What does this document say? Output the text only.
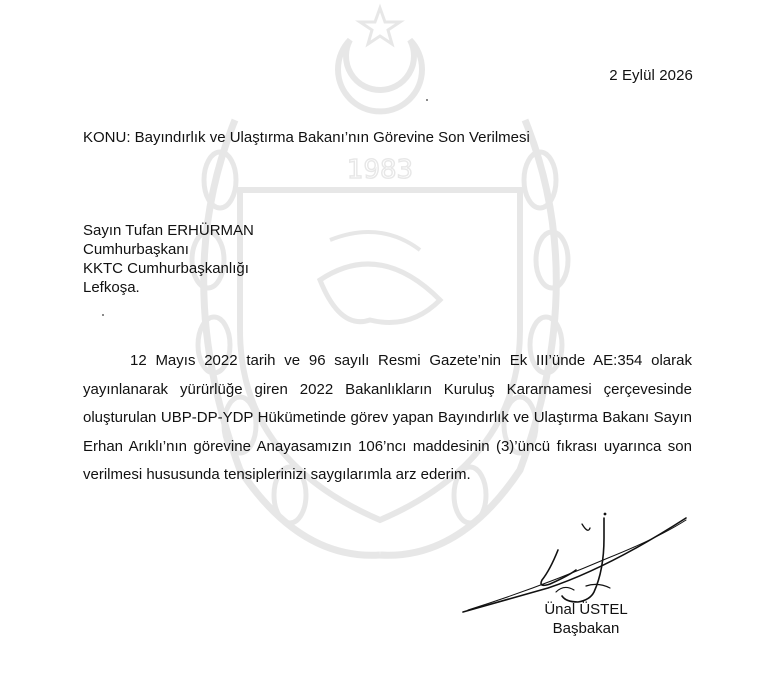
1983
2 Eylül 2026
KONU: Bayındırlık ve Ulaştırma Bakanı’nın Görevine Son Verilmesi
Sayın Tufan ERHÜRMAN
Cumhurbaşkanı
KKTC Cumhurbaşkanlığı
Lefkoşa.

12 Mayıs 2022 tarih ve 96 sayılı Resmi Gazete’nin Ek III’ünde AE:354 olarak yayınlanarak yürürlüğe giren 2022 Bakanlıkların Kuruluş Kararnamesi çerçevesinde oluşturulan UBP-DP-YDP Hükümetinde görev yapan Bayındırlık ve Ulaştırma Bakanı Sayın Erhan Arıklı’nın görevine Anayasamızın 106’ncı maddesinin (3)’üncü fıkrası uyarınca son verilmesi hususunda tensiplerinizi saygılarımla arz ederim.

Ünal ÜSTEL
Başbakan
